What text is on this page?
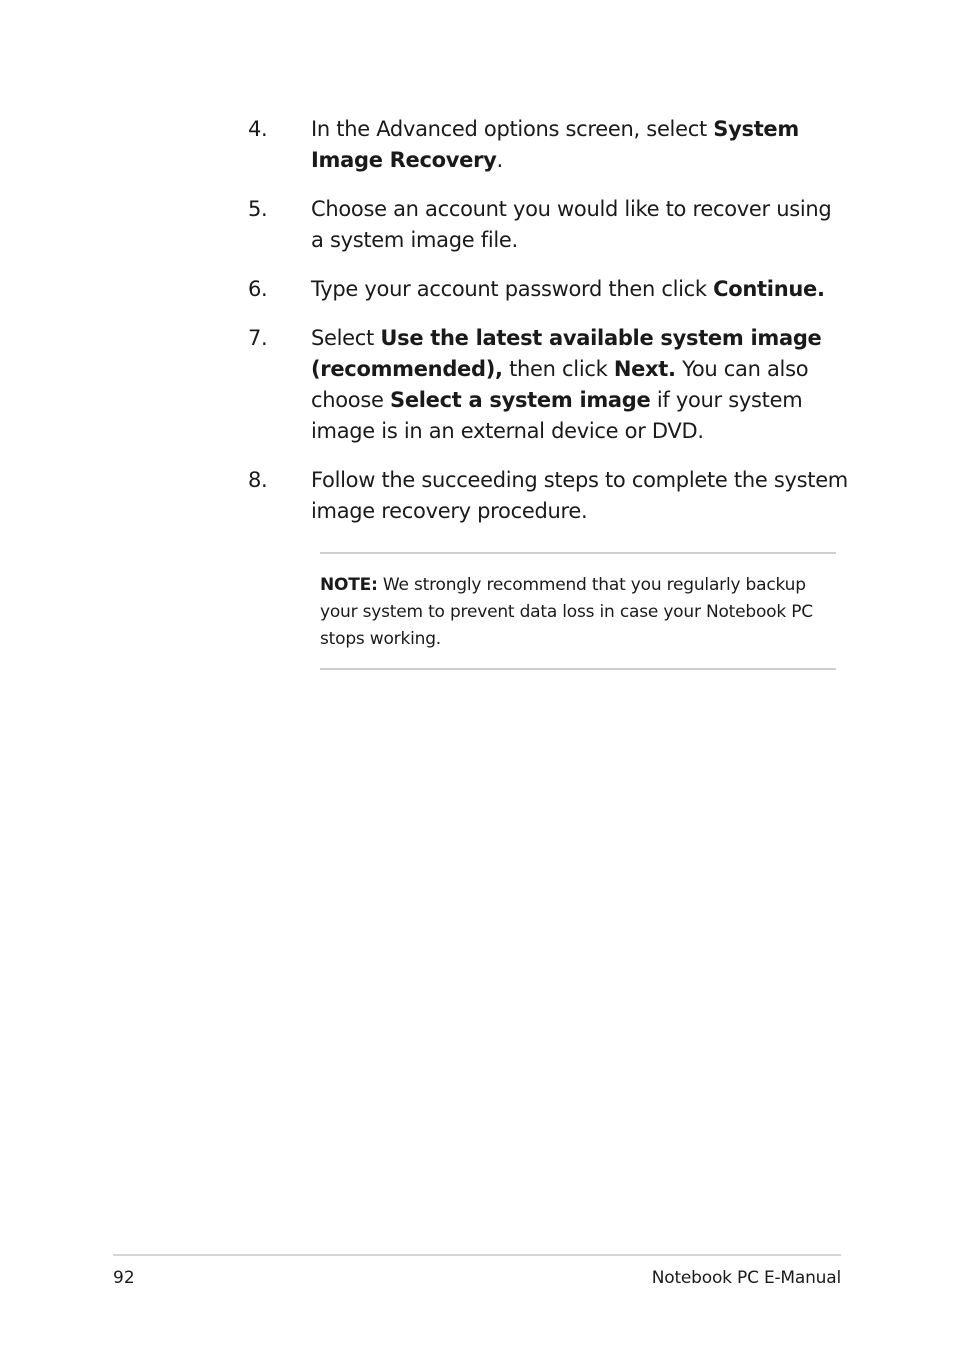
4. In the Advanced options screen, select System Image Recovery.
5. Choose an account you would like to recover using a system image file.
6. Type your account password then click Continue.
7. Select Use the latest available system image (recommended), then click Next. You can also choose Select a system image if your system image is in an external device or DVD.
8. Follow the succeeding steps to complete the system image recovery procedure.
NOTE: We strongly recommend that you regularly backup your system to prevent data loss in case your Notebook PC stops working.
92	Notebook PC E-Manual
